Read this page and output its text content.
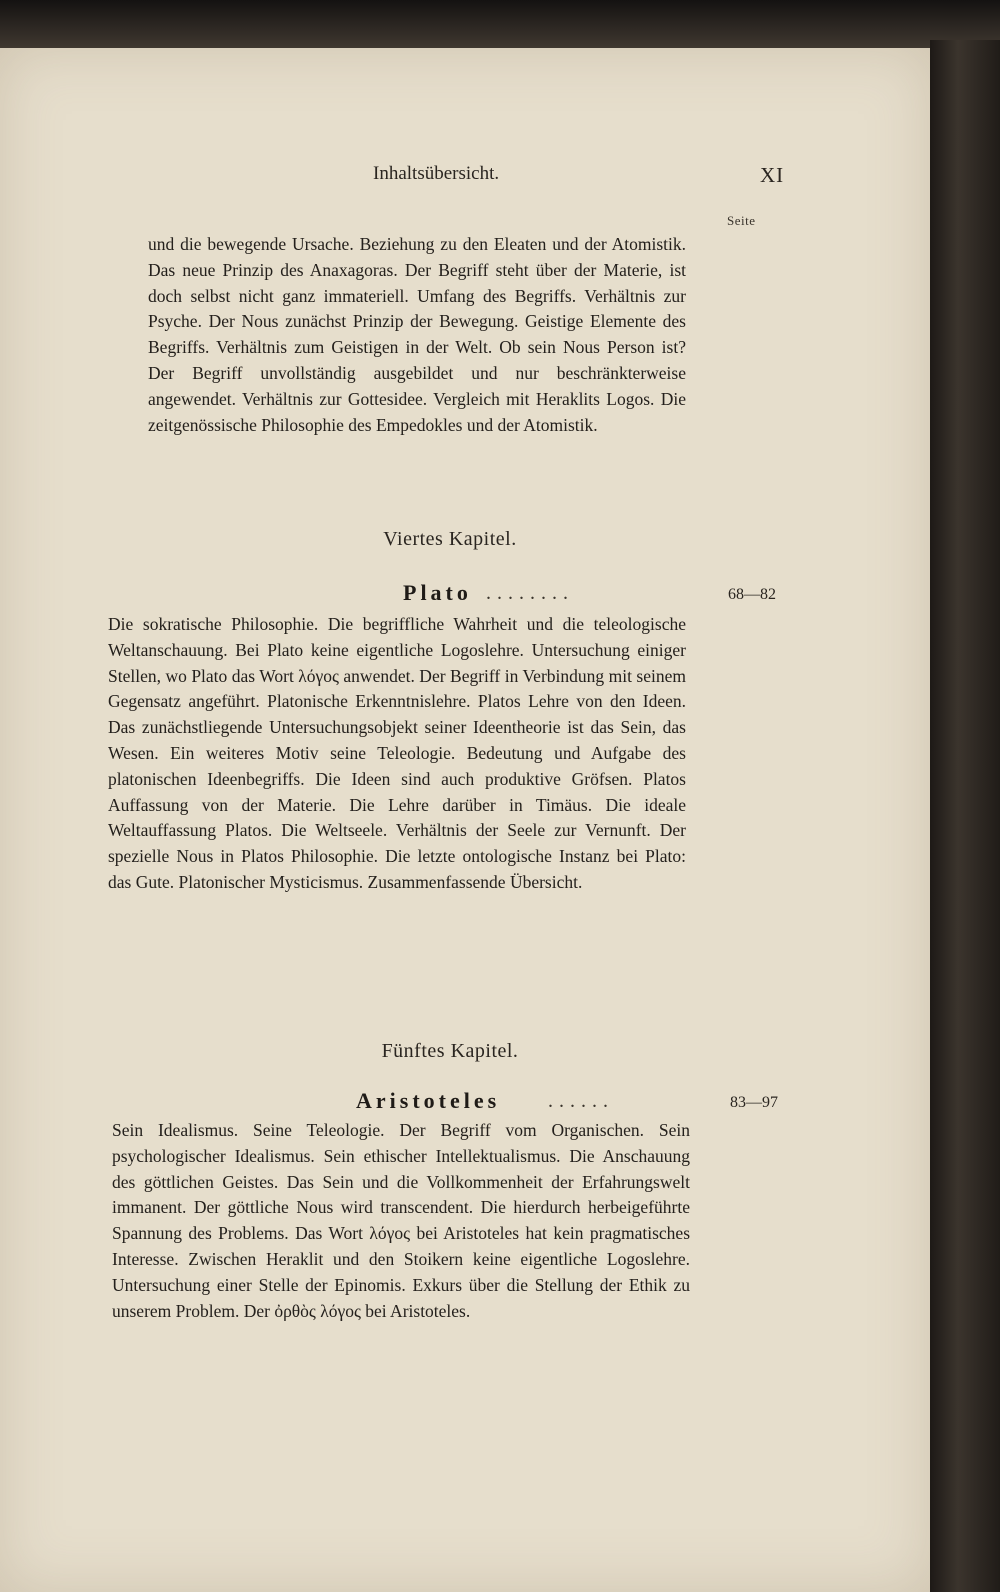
Inhaltsübersicht.	XI
Seite

und die bewegende Ursache. Beziehung zu den Eleaten und der Atomistik. Das neue Prinzip des Anaxagoras. Der Begriff steht über der Materie, ist doch selbst nicht ganz immateriell. Umfang des Begriffs. Verhältnis zur Psyche. Der Nous zunächst Prinzip der Bewegung. Geistige Elemente des Begriffs. Verhältnis zum Geistigen in der Welt. Ob sein Nous Person ist? Der Begriff unvollständig ausgebildet und nur beschränkterweise angewendet. Verhältnis zur Gottesidee. Vergleich mit Heraklits Logos. Die zeitgenössische Philosophie des Empedokles und der Atomistik.

Viertes Kapitel.
Plato ........	68—82

Die sokratische Philosophie. Die begriffliche Wahrheit und die teleologische Weltanschauung. Bei Plato keine eigentliche Logoslehre. Untersuchung einiger Stellen, wo Plato das Wort λόγος anwendet. Der Begriff in Verbindung mit seinem Gegensatz angeführt. Platonische Erkenntnislehre. Platos Lehre von den Ideen. Das zunächstliegende Untersuchungsobjekt seiner Ideentheorie ist das Sein, das Wesen. Ein weiteres Motiv seine Teleologie. Bedeutung und Aufgabe des platonischen Ideenbegriffs. Die Ideen sind auch produktive Gröfsen. Platos Auffassung von der Materie. Die Lehre darüber in Timäus. Die ideale Weltauffassung Platos. Die Weltseele. Verhältnis der Seele zur Vernunft. Der spezielle Nous in Platos Philosophie. Die letzte ontologische Instanz bei Plato: das Gute. Platonischer Mysticismus. Zusammenfassende Übersicht.

Fünftes Kapitel.
Aristoteles ......	83—97

Sein Idealismus. Seine Teleologie. Der Begriff vom Organischen. Sein psychologischer Idealismus. Sein ethischer Intellektualismus. Die Anschauung des göttlichen Geistes. Das Sein und die Vollkommenheit der Erfahrungswelt immanent. Der göttliche Nous wird transcendent. Die hierdurch herbeigeführte Spannung des Problems. Das Wort λόγος bei Aristoteles hat kein pragmatisches Interesse. Zwischen Heraklit und den Stoikern keine eigentliche Logoslehre. Untersuchung einer Stelle der Epinomis. Exkurs über die Stellung der Ethik zu unserem Problem. Der ὀρθὸς λόγος bei Aristoteles.
